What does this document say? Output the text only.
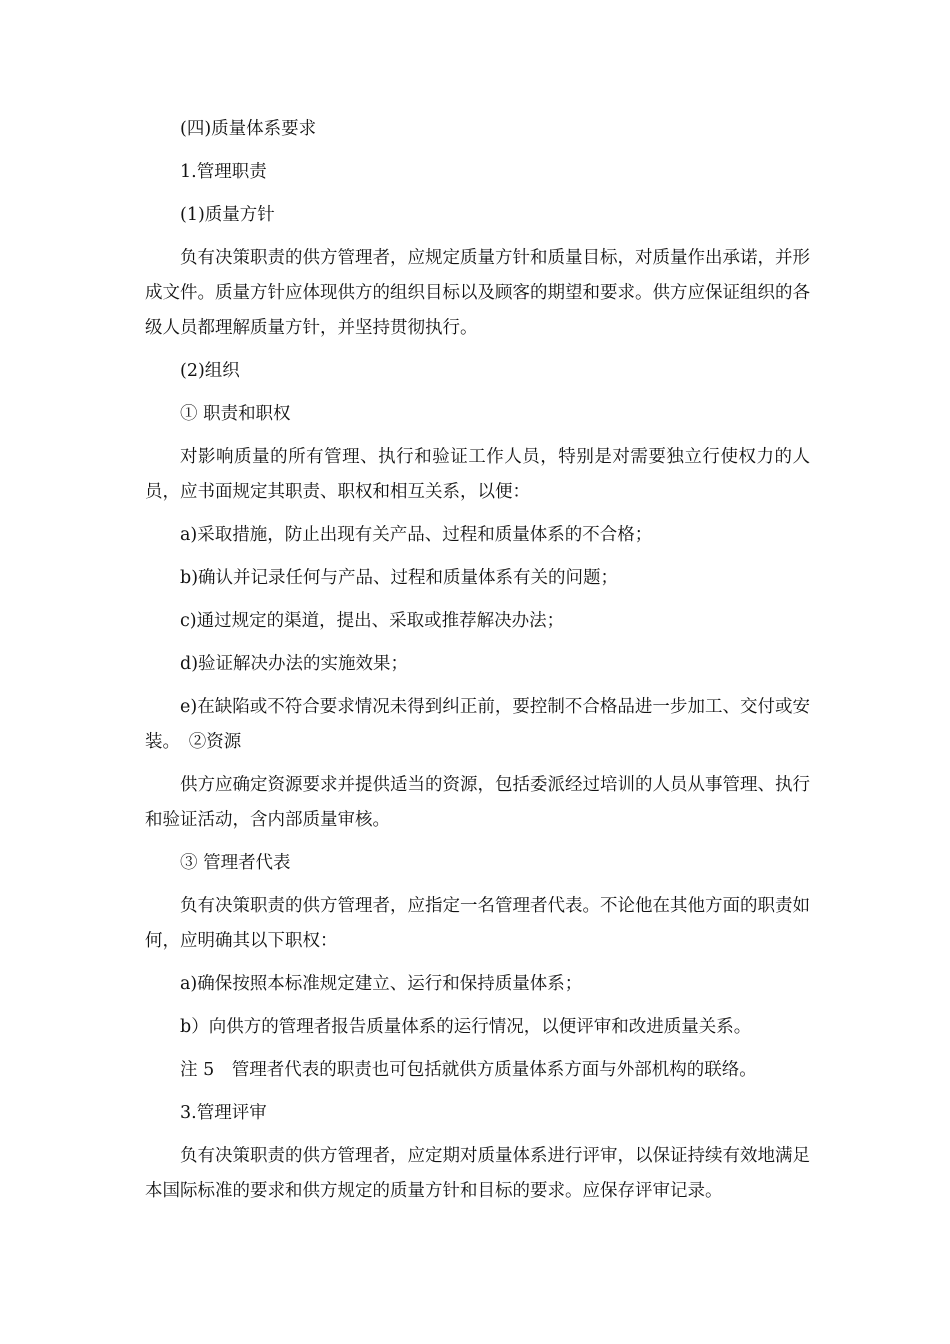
(四)质量体系要求

1.管理职责

(1)质量方针

负有决策职责的供方管理者，应规定质量方针和质量目标，对质量作出承诺，并形成文件。质量方针应体现供方的组织目标以及顾客的期望和要求。供方应保证组织的各级人员都理解质量方针，并坚持贯彻执行。

(2)组织

① 职责和职权

对影响质量的所有管理、执行和验证工作人员，特别是对需要独立行使权力的人员，应书面规定其职责、职权和相互关系，以便：

a)采取措施，防止出现有关产品、过程和质量体系的不合格；

b)确认并记录任何与产品、过程和质量体系有关的问题；

c)通过规定的渠道，提出、采取或推荐解决办法；

d)验证解决办法的实施效果；

e)在缺陷或不符合要求情况未得到纠正前，要控制不合格品进一步加工、交付或安装。　②资源

供方应确定资源要求并提供适当的资源，包括委派经过培训的人员从事管理、执行和验证活动，含内部质量审核。

③ 管理者代表

负有决策职责的供方管理者，应指定一名管理者代表。不论他在其他方面的职责如何，应明确其以下职权：

a)确保按照本标准规定建立、运行和保持质量体系；

b）向供方的管理者报告质量体系的运行情况，以便评审和改进质量关系。

注 5　管理者代表的职责也可包括就供方质量体系方面与外部机构的联络。

3.管理评审

负有决策职责的供方管理者，应定期对质量体系进行评审，以保证持续有效地满足本国际标准的要求和供方规定的质量方针和目标的要求。应保存评审记录。
